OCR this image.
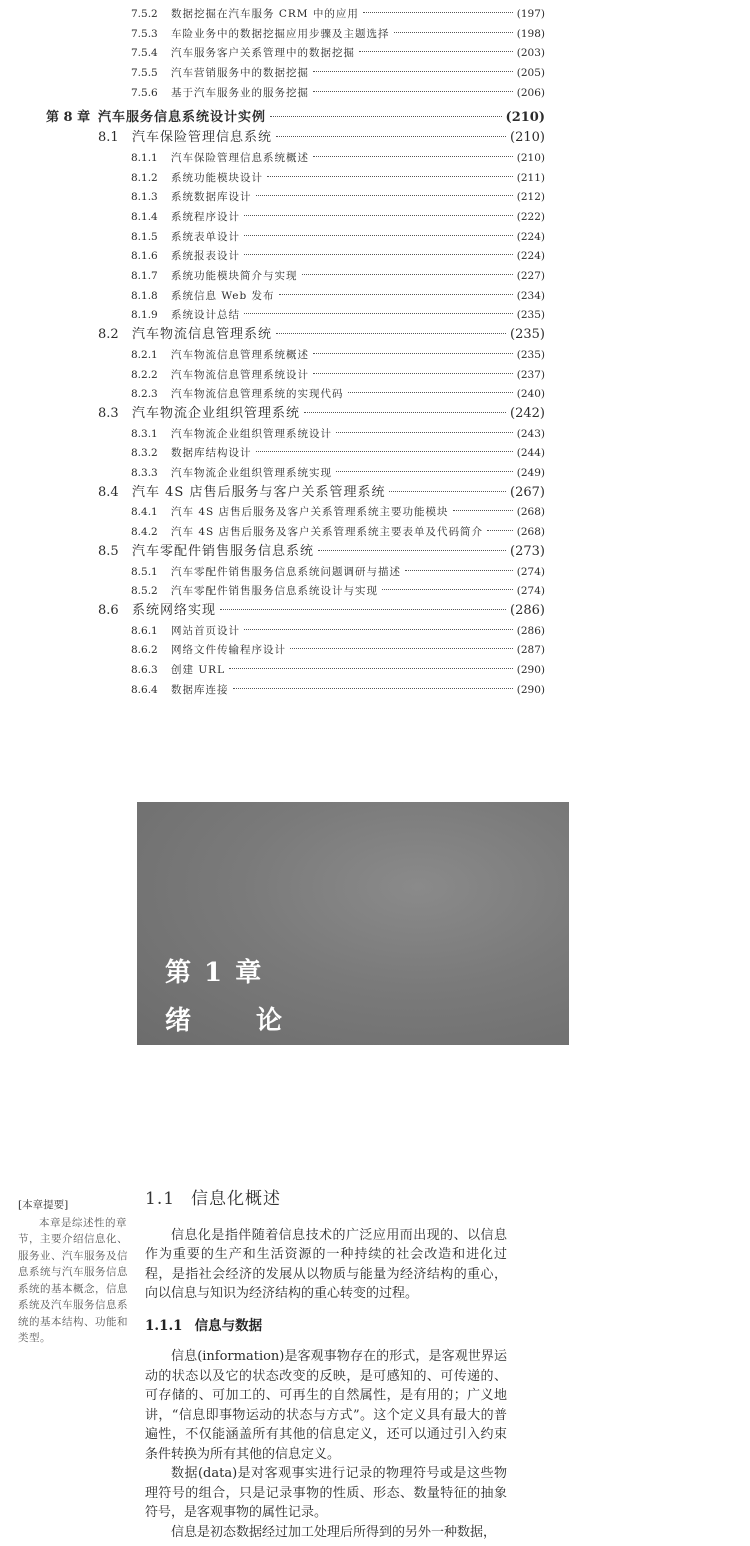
7.5.2	数据挖掘在汽车服务 CRM 中的应用	(197)
7.5.3	车险业务中的数据挖掘应用步骤及主题选择	(198)
7.5.4	汽车服务客户关系管理中的数据挖掘	(203)
7.5.5	汽车营销服务中的数据挖掘	(205)
7.5.6	基于汽车服务业的服务挖掘	(206)
第 8 章 汽车服务信息系统设计实例	(210)
8.1	汽车保险管理信息系统	(210)
8.1.1	汽车保险管理信息系统概述	(210)
8.1.2	系统功能模块设计	(211)
8.1.3	系统数据库设计	(212)
8.1.4	系统程序设计	(222)
8.1.5	系统表单设计	(224)
8.1.6	系统报表设计	(224)
8.1.7	系统功能模块简介与实现	(227)
8.1.8	系统信息 Web 发布	(234)
8.1.9	系统设计总结	(235)
8.2	汽车物流信息管理系统	(235)
8.2.1	汽车物流信息管理系统概述	(235)
8.2.2	汽车物流信息管理系统设计	(237)
8.2.3	汽车物流信息管理系统的实现代码	(240)
8.3	汽车物流企业组织管理系统	(242)
8.3.1	汽车物流企业组织管理系统设计	(243)
8.3.2	数据库结构设计	(244)
8.3.3	汽车物流企业组织管理系统实现	(249)
8.4	汽车 4S 店售后服务与客户关系管理系统	(267)
8.4.1	汽车 4S 店售后服务及客户关系管理系统主要功能模块	(268)
8.4.2	汽车 4S 店售后服务及客户关系管理系统主要表单及代码简介	(268)
8.5	汽车零配件销售服务信息系统	(273)
8.5.1	汽车零配件销售服务信息系统问题调研与描述	(274)
8.5.2	汽车零配件销售服务信息系统设计与实现	(274)
8.6	系统网络实现	(286)
8.6.1	网站首页设计	(286)
8.6.2	网络文件传输程序设计	(287)
8.6.3	创建 URL	(290)
8.6.4	数据库连接	(290)
第 1 章
绪 论
[本章提要]
本章是综述性的章节，主要介绍信息化、服务业、汽车服务及信息系统与汽车服务信息系统的基本概念，信息系统及汽车服务信息系统的基本结构、功能和类型。
1.1 信息化概述

信息化是指伴随着信息技术的广泛应用而出现的、以信息作为重要的生产和生活资源的一种持续的社会改造和进化过程，是指社会经济的发展从以物质与能量为经济结构的重心，向以信息与知识为经济结构的重心转变的过程。

1.1.1 信息与数据

信息(information)是客观事物存在的形式，是客观世界运动的状态以及它的状态改变的反映，是可感知的、可传递的、可存储的、可加工的、可再生的自然属性，是有用的；广义地讲，“信息即事物运动的状态与方式”。这个定义具有最大的普遍性，不仅能涵盖所有其他的信息定义，还可以通过引入约束条件转换为所有其他的信息定义。

数据(data)是对客观事实进行记录的物理符号或是这些物理符号的组合，只是记录事物的性质、形态、数量特征的抽象符号，是客观事物的属性记录。

信息是初态数据经过加工处理后所得到的另外一种数据，
